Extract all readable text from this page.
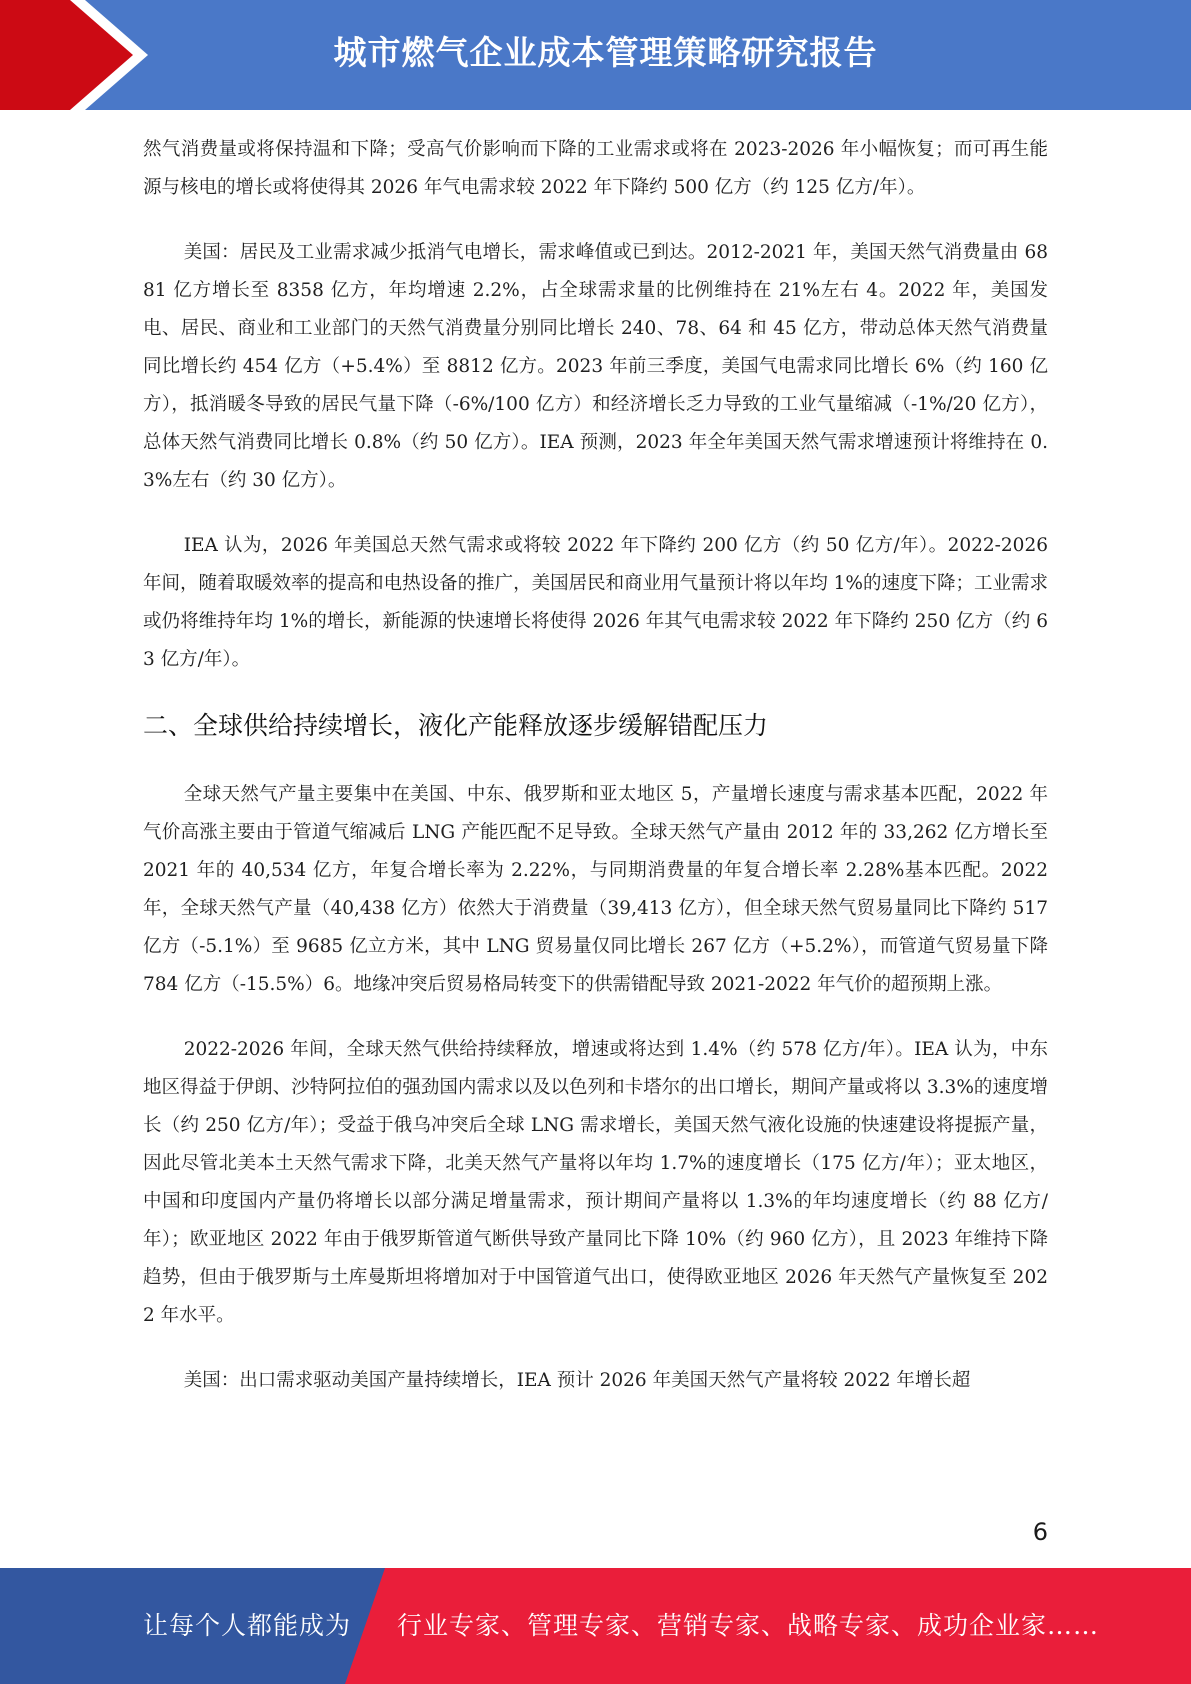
城市燃气企业成本管理策略研究报告

然气消费量或将保持温和下降；受高气价影响而下降的工业需求或将在 2023-2026 年小幅恢复；而可再生能源与核电的增长或将使得其 2026 年气电需求较 2022 年下降约 500 亿方（约 125 亿方/年）。

美国：居民及工业需求减少抵消气电增长，需求峰值或已到达。2012-2021 年，美国天然气消费量由 6881 亿方增长至 8358 亿方，年均增速 2.2%，占全球需求量的比例维持在 21%左右 4。2022 年，美国发电、居民、商业和工业部门的天然气消费量分别同比增长 240、78、64 和 45 亿方，带动总体天然气消费量同比增长约 454 亿方（+5.4%）至 8812 亿方。2023 年前三季度，美国气电需求同比增长 6%（约 160 亿方），抵消暖冬导致的居民气量下降（-6%/100 亿方）和经济增长乏力导致的工业气量缩减（-1%/20 亿方），总体天然气消费同比增长 0.8%（约 50 亿方）。IEA 预测，2023 年全年美国天然气需求增速预计将维持在 0.3%左右（约 30 亿方）。

IEA 认为，2026 年美国总天然气需求或将较 2022 年下降约 200 亿方（约 50 亿方/年）。2022-2026 年间，随着取暖效率的提高和电热设备的推广，美国居民和商业用气量预计将以年均 1%的速度下降；工业需求或仍将维持年均 1%的增长，新能源的快速增长将使得 2026 年其气电需求较 2022 年下降约 250 亿方（约 63 亿方/年）。

二、全球供给持续增长，液化产能释放逐步缓解错配压力

全球天然气产量主要集中在美国、中东、俄罗斯和亚太地区 5，产量增长速度与需求基本匹配，2022 年气价高涨主要由于管道气缩减后 LNG 产能匹配不足导致。全球天然气产量由 2012 年的 33,262 亿方增长至 2021 年的 40,534 亿方，年复合增长率为 2.22%，与同期消费量的年复合增长率 2.28%基本匹配。2022 年，全球天然气产量（40,438 亿方）依然大于消费量（39,413 亿方），但全球天然气贸易量同比下降约 517 亿方（-5.1%）至 9685 亿立方米，其中 LNG 贸易量仅同比增长 267 亿方（+5.2%），而管道气贸易量下降 784 亿方（-15.5%）6。地缘冲突后贸易格局转变下的供需错配导致 2021-2022 年气价的超预期上涨。

2022-2026 年间，全球天然气供给持续释放，增速或将达到 1.4%（约 578 亿方/年）。IEA 认为，中东地区得益于伊朗、沙特阿拉伯的强劲国内需求以及以色列和卡塔尔的出口增长，期间产量或将以 3.3%的速度增长（约 250 亿方/年）；受益于俄乌冲突后全球 LNG 需求增长，美国天然气液化设施的快速建设将提振产量，因此尽管北美本土天然气需求下降，北美天然气产量将以年均 1.7%的速度增长（175 亿方/年）；亚太地区，中国和印度国内产量仍将增长以部分满足增量需求，预计期间产量将以 1.3%的年均速度增长（约 88 亿方/年）；欧亚地区 2022 年由于俄罗斯管道气断供导致产量同比下降 10%（约 960 亿方），且 2023 年维持下降趋势，但由于俄罗斯与土库曼斯坦将增加对于中国管道气出口，使得欧亚地区 2026 年天然气产量恢复至 2022 年水平。

美国：出口需求驱动美国产量持续增长，IEA 预计 2026 年美国天然气产量将较 2022 年增长超

6
让每个人都能成为 行业专家、管理专家、营销专家、战略专家、成功企业家……
